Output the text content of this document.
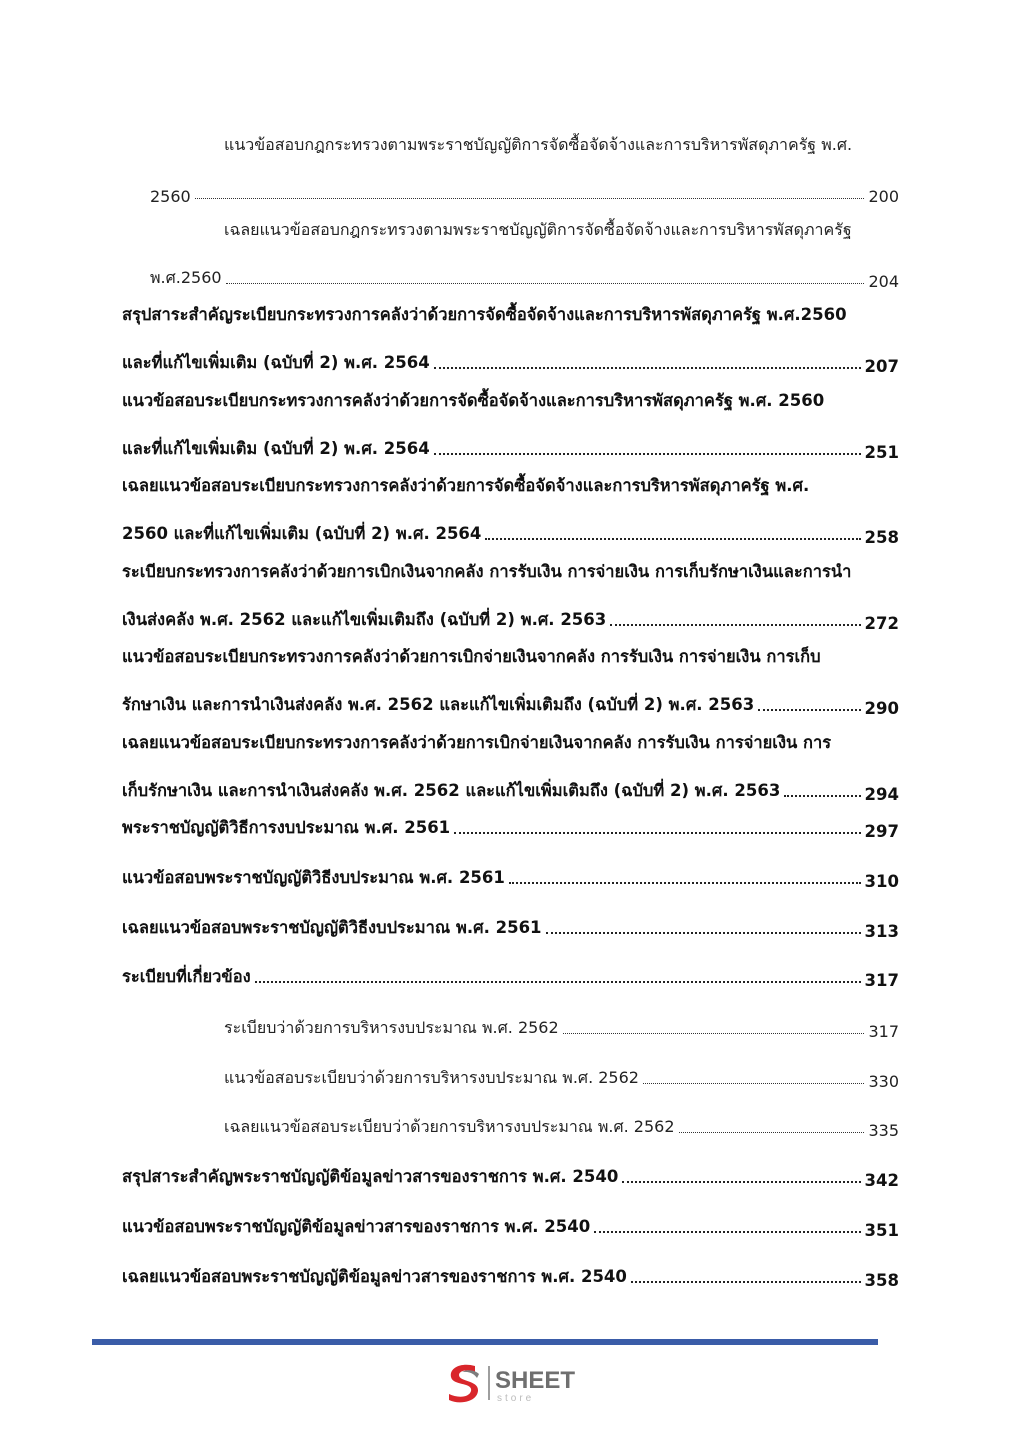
แนวข้อสอบกฎกระทรวงตามพระราชบัญญัติการจัดซื้อจัดจ้างและการบริหารพัสดุภาครัฐ พ.ศ.
2560	200
เฉลยแนวข้อสอบกฎกระทรวงตามพระราชบัญญัติการจัดซื้อจัดจ้างและการบริหารพัสดุภาครัฐ
พ.ศ.2560	204
สรุปสาระสำคัญระเบียบกระทรวงการคลังว่าด้วยการจัดซื้อจัดจ้างและการบริหารพัสดุภาครัฐ พ.ศ.2560
และที่แก้ไขเพิ่มเติม (ฉบับที่ 2) พ.ศ. 2564	207
แนวข้อสอบระเบียบกระทรวงการคลังว่าด้วยการจัดซื้อจัดจ้างและการบริหารพัสดุภาครัฐ พ.ศ. 2560
และที่แก้ไขเพิ่มเติม (ฉบับที่ 2) พ.ศ. 2564	251
เฉลยแนวข้อสอบระเบียบกระทรวงการคลังว่าด้วยการจัดซื้อจัดจ้างและการบริหารพัสดุภาครัฐ พ.ศ.
2560 และที่แก้ไขเพิ่มเติม (ฉบับที่ 2) พ.ศ. 2564	258
ระเบียบกระทรวงการคลังว่าด้วยการเบิกเงินจากคลัง การรับเงิน การจ่ายเงิน การเก็บรักษาเงินและการนำ
เงินส่งคลัง พ.ศ. 2562 และแก้ไขเพิ่มเติมถึง (ฉบับที่ 2) พ.ศ. 2563	272
แนวข้อสอบระเบียบกระทรวงการคลังว่าด้วยการเบิกจ่ายเงินจากคลัง การรับเงิน การจ่ายเงิน การเก็บ
รักษาเงิน และการนำเงินส่งคลัง พ.ศ. 2562 และแก้ไขเพิ่มเติมถึง (ฉบับที่ 2) พ.ศ. 2563	290
เฉลยแนวข้อสอบระเบียบกระทรวงการคลังว่าด้วยการเบิกจ่ายเงินจากคลัง การรับเงิน การจ่ายเงิน การ
เก็บรักษาเงิน และการนำเงินส่งคลัง พ.ศ. 2562 และแก้ไขเพิ่มเติมถึง (ฉบับที่ 2) พ.ศ. 2563	294
พระราชบัญญัติวิธีการงบประมาณ พ.ศ. 2561	297
แนวข้อสอบพระราชบัญญัติวิธีงบประมาณ พ.ศ. 2561	310
เฉลยแนวข้อสอบพระราชบัญญัติวิธีงบประมาณ พ.ศ. 2561	313
ระเบียบที่เกี่ยวข้อง	317
ระเบียบว่าด้วยการบริหารงบประมาณ พ.ศ. 2562	317
แนวข้อสอบระเบียบว่าด้วยการบริหารงบประมาณ พ.ศ. 2562	330
เฉลยแนวข้อสอบระเบียบว่าด้วยการบริหารงบประมาณ พ.ศ. 2562	335
สรุปสาระสำคัญพระราชบัญญัติข้อมูลข่าวสารของราชการ พ.ศ. 2540	342
แนวข้อสอบพระราชบัญญัติข้อมูลข่าวสารของราชการ พ.ศ. 2540	351
เฉลยแนวข้อสอบพระราชบัญญัติข้อมูลข่าวสารของราชการ พ.ศ. 2540	358
SHEET
store
